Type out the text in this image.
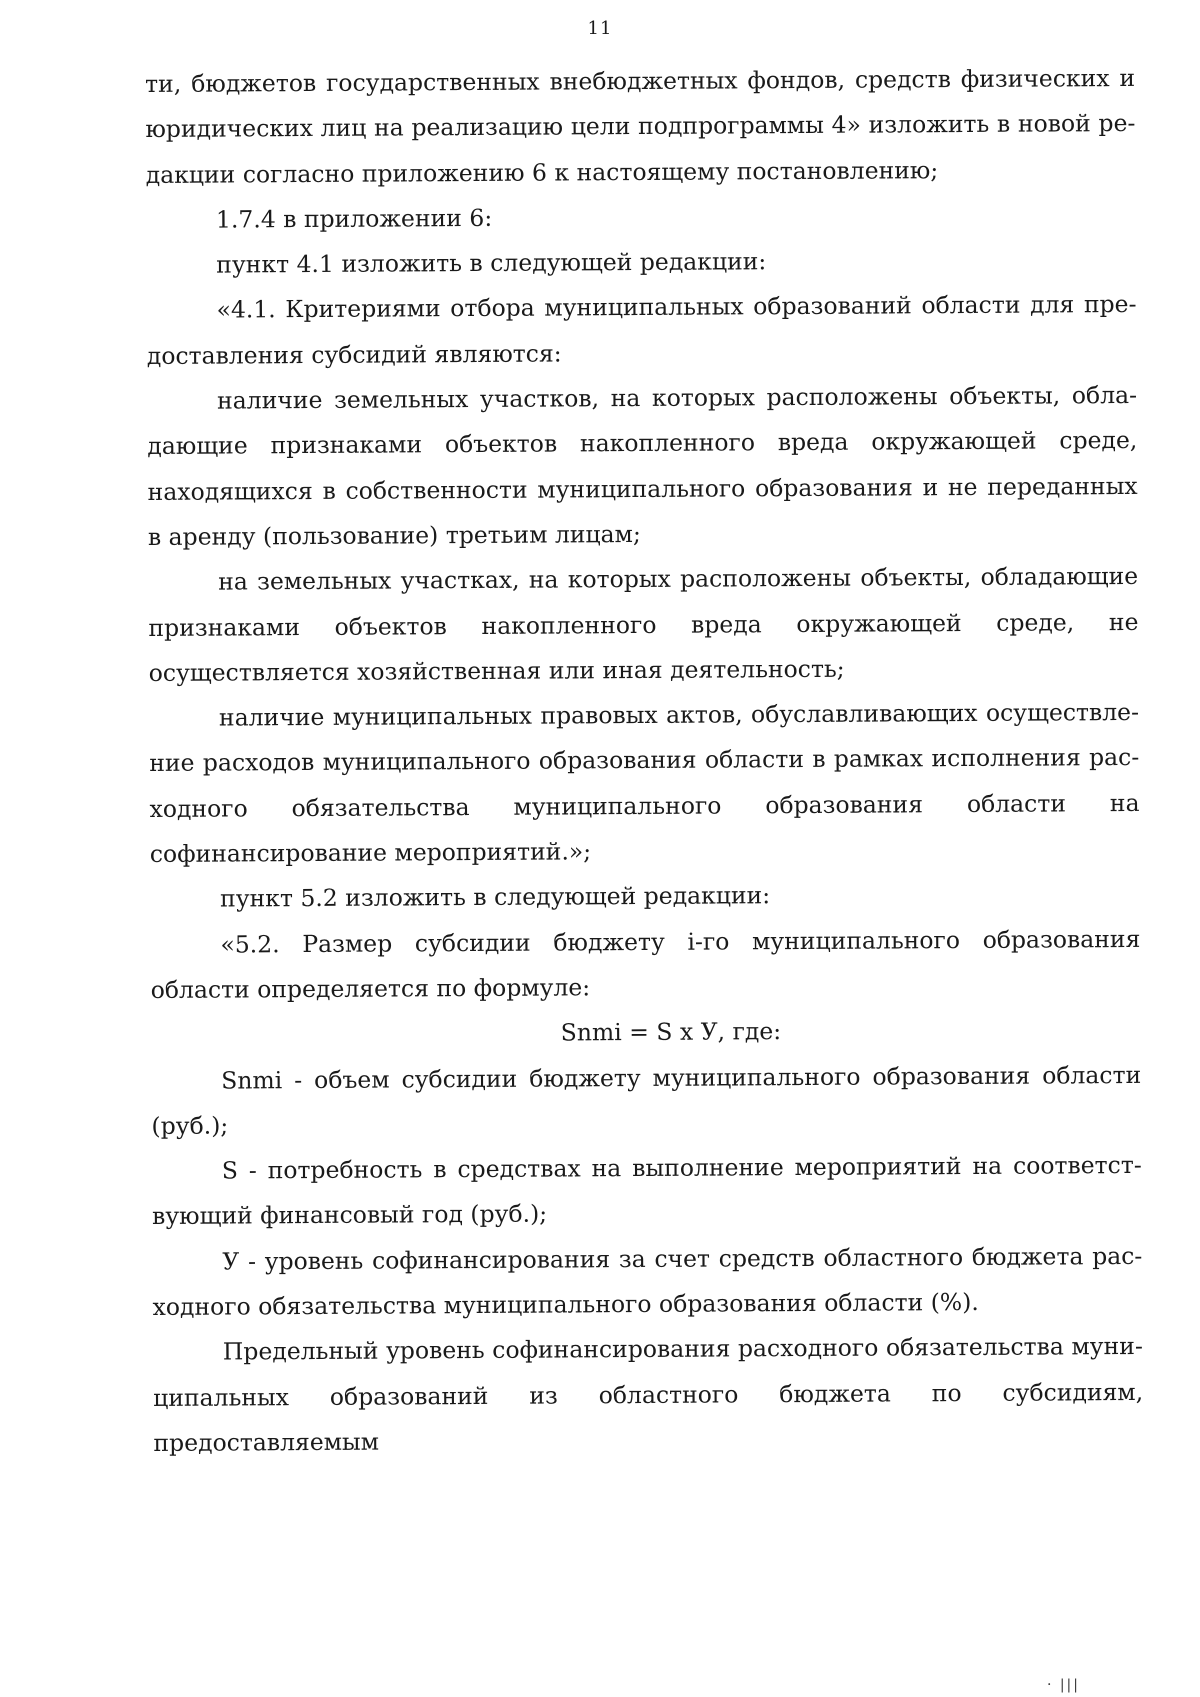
11

ти, бюджетов государственных внебюджетных фондов, средств физических и юридических лиц на реализацию цели подпрограммы 4» изложить в новой редакции согласно приложению 6 к настоящему постановлению;

1.7.4 в приложении 6:

пункт 4.1 изложить в следующей редакции:

«4.1. Критериями отбора муниципальных образований области для предоставления субсидий являются:

наличие земельных участков, на которых расположены объекты, обладающие признаками объектов накопленного вреда окружающей среде, находящихся в собственности муниципального образования и не переданных в аренду (пользование) третьим лицам;

на земельных участках, на которых расположены объекты, обладающие признаками объектов накопленного вреда окружающей среде, не осуществляется хозяйственная или иная деятельность;

наличие муниципальных правовых актов, обуславливающих осуществление расходов муниципального образования области в рамках исполнения расходного обязательства муниципального образования области на софинансирование мероприятий.»;

пункт 5.2 изложить в следующей редакции:

«5.2. Размер субсидии бюджету i-го муниципального образования области определяется по формуле:

Snmi = S x У, где:

Snmi - объем субсидии бюджету муниципального образования области (руб.);

S - потребность в средствах на выполнение мероприятий на соответствующий финансовый год (руб.);

У - уровень софинансирования за счет средств областного бюджета расходного обязательства муниципального образования области (%).

Предельный уровень софинансирования расходного обязательства муниципальных образований из областного бюджета по субсидиям, предоставляемым

· |||
